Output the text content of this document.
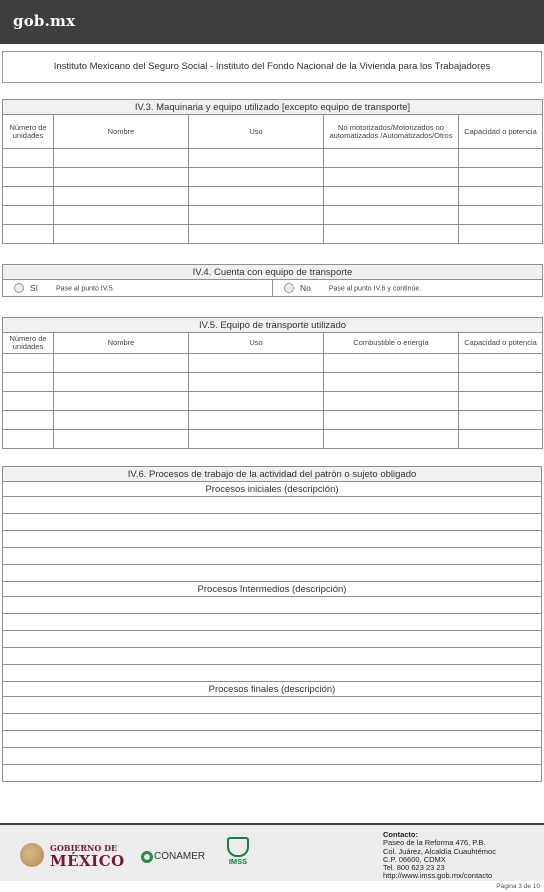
gob.mx
Instituto Mexicano del Seguro Social - Instituto del Fondo Nacional de la Vivienda para los Trabajadores
IV.3. Maquinaria y equipo utilizado [excepto equipo de transporte]				
Número de unidades	Nombre	Uso	No motorizados/Motorizados no automatizados /Automatizados/Otros	Capacidad o potencia

IV.4. Cuenta con equipo de transporte
Sí	Pase al punto IV.5.	No	Pase al punto IV.6 y continúe.
IV.5. Equipo de transporte utilizado				
Número de unidades	Nombre	Uso	Combustible o energía	Capacidad o potencia

IV.6. Procesos de trabajo de la actividad del patrón o sujeto obligado
Procesos iniciales (descripción)

Procesos Intermedios (descripción)

Procesos finales (descripción)

GOBIERNO DE
MÉXICO	CONAMER	IMSS
Contacto:
Paseo de la Reforma 476, P.B.
Col. Juárez, Alcaldía Cuauhtémoc
C.P. 06600, CDMX
Tel. 800 623 23 23
http://www.imss.gob.mx/contacto
Página 3 de 10
